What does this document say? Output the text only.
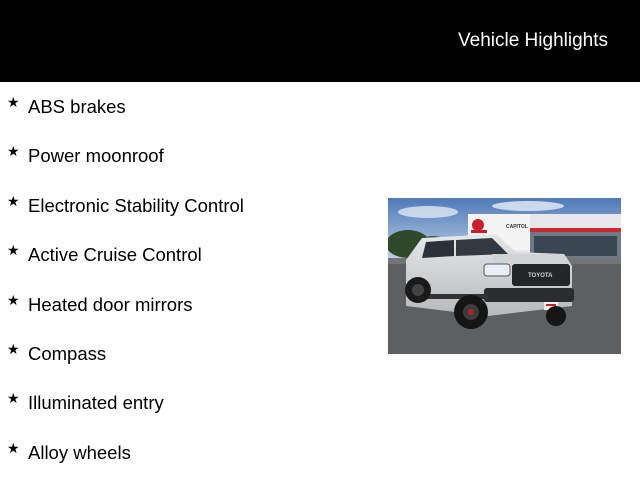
Vehicle Highlights
★ ABS brakes
★ Power moonroof
★ Electronic Stability Control
★ Active Cruise Control
★ Heated door mirrors
★ Compass
★ Illuminated entry
★ Alloy wheels
CAPITOL
TOYOTA
